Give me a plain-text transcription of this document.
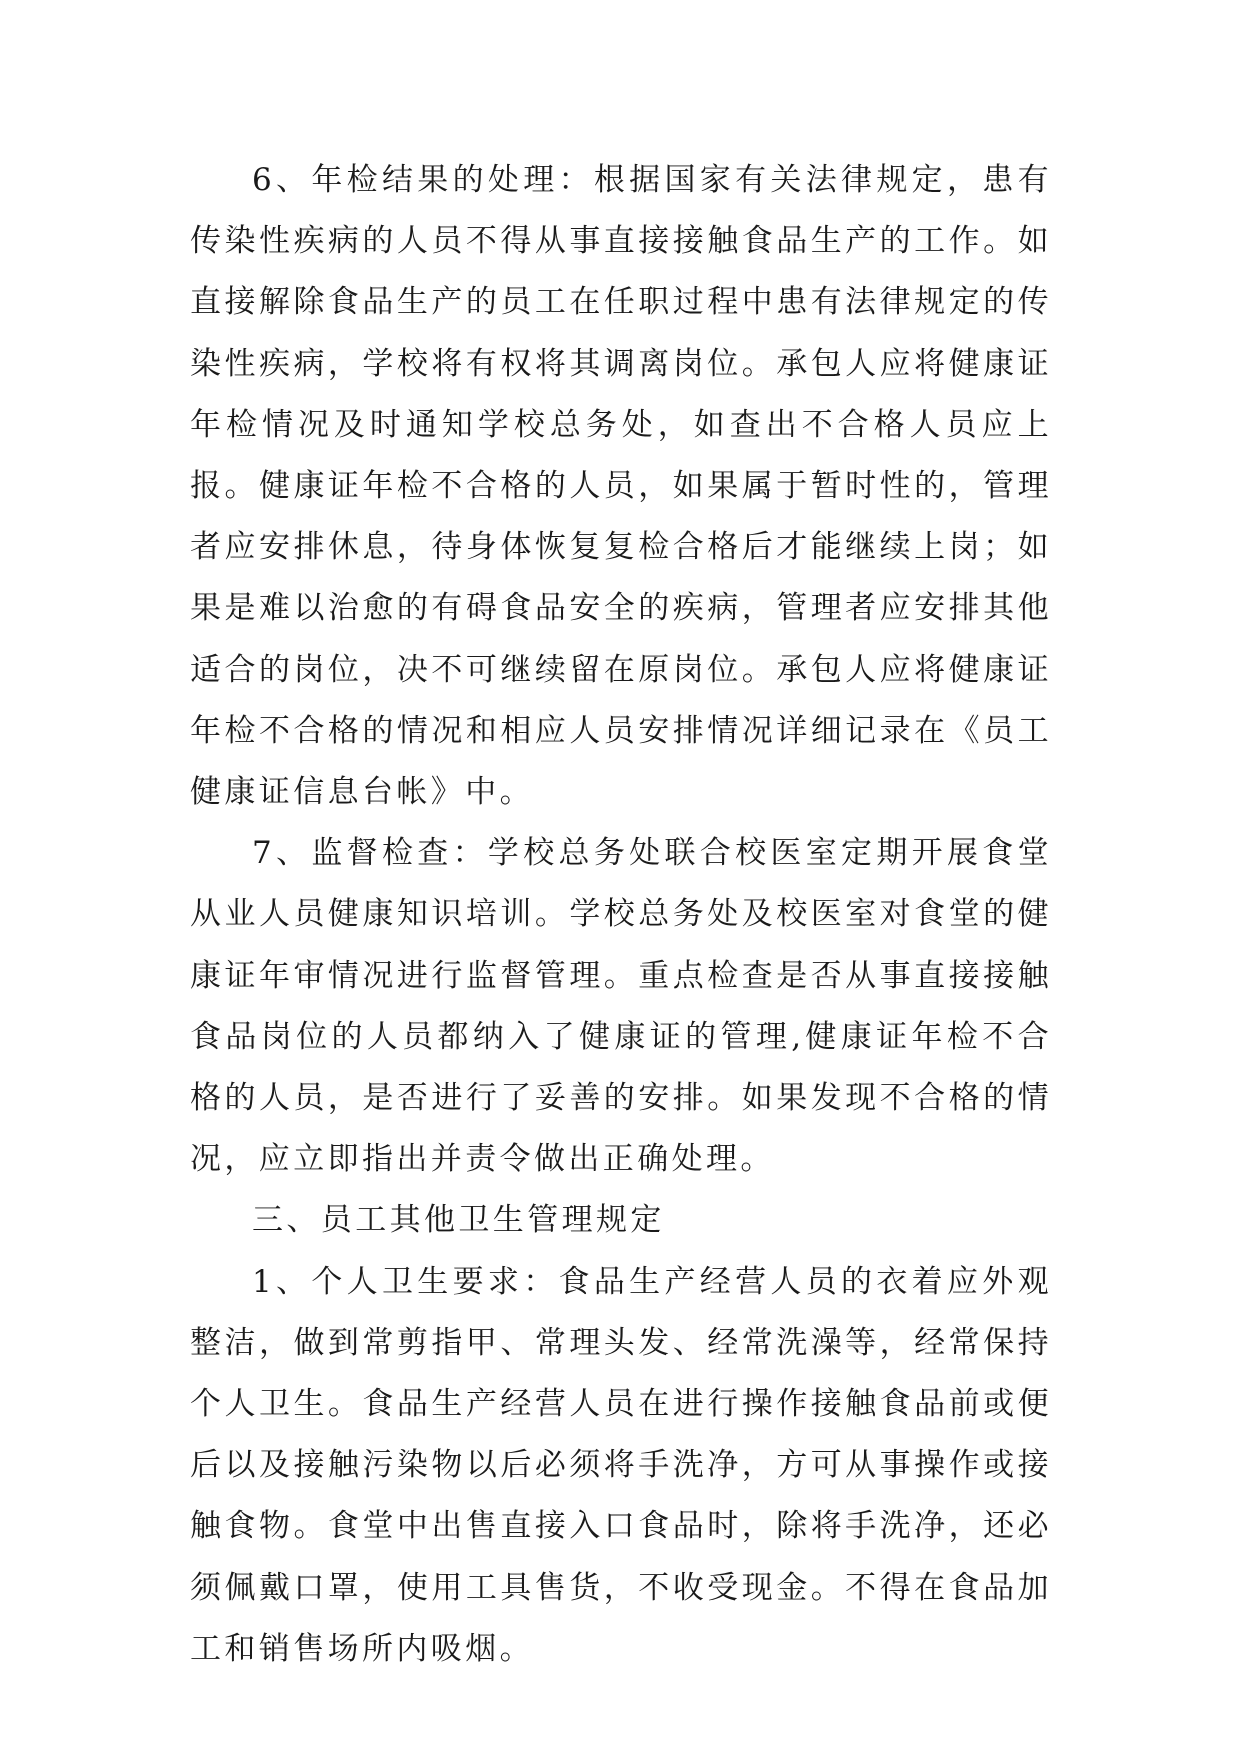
6、年检结果的处理：根据国家有关法律规定，患有传染性疾病的人员不得从事直接接触食品生产的工作。如直接解除食品生产的员工在任职过程中患有法律规定的传染性疾病，学校将有权将其调离岗位。承包人应将健康证年检情况及时通知学校总务处，如查出不合格人员应上报。健康证年检不合格的人员，如果属于暂时性的，管理者应安排休息，待身体恢复复检合格后才能继续上岗；如果是难以治愈的有碍食品安全的疾病，管理者应安排其他适合的岗位，决不可继续留在原岗位。承包人应将健康证年检不合格的情况和相应人员安排情况详细记录在《员工健康证信息台帐》中。

7、监督检查：学校总务处联合校医室定期开展食堂从业人员健康知识培训。学校总务处及校医室对食堂的健康证年审情况进行监督管理。重点检查是否从事直接接触食品岗位的人员都纳入了健康证的管理,健康证年检不合格的人员，是否进行了妥善的安排。如果发现不合格的情况，应立即指出并责令做出正确处理。

三、员工其他卫生管理规定

1、个人卫生要求：食品生产经营人员的衣着应外观整洁，做到常剪指甲、常理头发、经常洗澡等，经常保持个人卫生。食品生产经营人员在进行操作接触食品前或便后以及接触污染物以后必须将手洗净，方可从事操作或接触食物。食堂中出售直接入口食品时，除将手洗净，还必须佩戴口罩，使用工具售货，不收受现金。不得在食品加工和销售场所内吸烟。
